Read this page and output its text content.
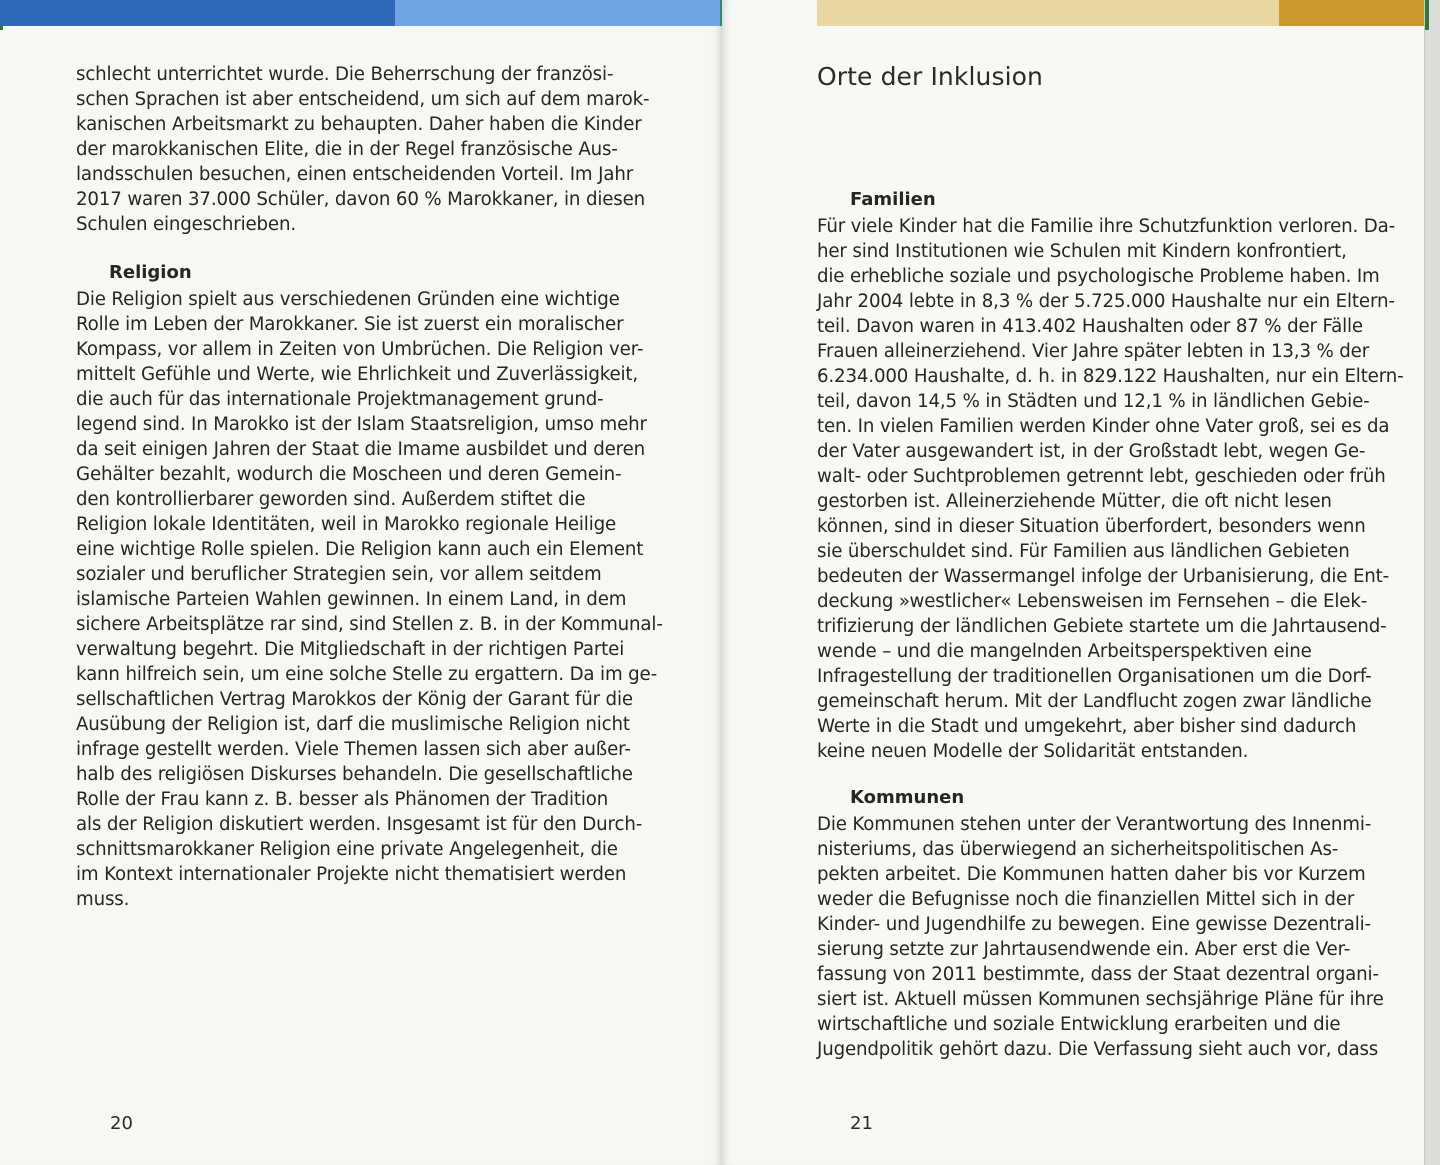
schlecht unterrichtet wurde. Die Beherrschung der französi-
schen Sprachen ist aber entscheidend, um sich auf dem marok-
kanischen Arbeitsmarkt zu behaupten. Daher haben die Kinder
der marokkanischen Elite, die in der Regel französische Aus-
landsschulen besuchen, einen entscheidenden Vorteil. Im Jahr
2017 waren 37.000 Schüler, davon 60 % Marokkaner, in diesen
Schulen eingeschrieben.
Religion
Die Religion spielt aus verschiedenen Gründen eine wichtige
Rolle im Leben der Marokkaner. Sie ist zuerst ein moralischer
Kompass, vor allem in Zeiten von Umbrüchen. Die Religion ver-
mittelt Gefühle und Werte, wie Ehrlichkeit und Zuverlässigkeit,
die auch für das internationale Projektmanagement grund-
legend sind. In Marokko ist der Islam Staatsreligion, umso mehr
da seit einigen Jahren der Staat die Imame ausbildet und deren
Gehälter bezahlt, wodurch die Moscheen und deren Gemein-
den kontrollierbarer geworden sind. Außerdem stiftet die
Religion lokale Identitäten, weil in Marokko regionale Heilige
eine wichtige Rolle spielen. Die Religion kann auch ein Element
sozialer und beruflicher Strategien sein, vor allem seitdem
islamische Parteien Wahlen gewinnen. In einem Land, in dem
sichere Arbeitsplätze rar sind, sind Stellen z. B. in der Kommunal-
verwaltung begehrt. Die Mitgliedschaft in der richtigen Partei
kann hilfreich sein, um eine solche Stelle zu ergattern. Da im ge-
sellschaftlichen Vertrag Marokkos der König der Garant für die
Ausübung der Religion ist, darf die muslimische Religion nicht
infrage gestellt werden. Viele Themen lassen sich aber außer-
halb des religiösen Diskurses behandeln. Die gesellschaftliche
Rolle der Frau kann z. B. besser als Phänomen der Tradition
als der Religion diskutiert werden. Insgesamt ist für den Durch-
schnittsmarokkaner Religion eine private Angelegenheit, die
im Kontext internationaler Projekte nicht thematisiert werden
muss.
20
Orte der Inklusion
Familien
Für viele Kinder hat die Familie ihre Schutzfunktion verloren. Da-
her sind Institutionen wie Schulen mit Kindern konfrontiert,
die erhebliche soziale und psychologische Probleme haben. Im
Jahr 2004 lebte in 8,3 % der 5.725.000 Haushalte nur ein Eltern-
teil. Davon waren in 413.402 Haushalten oder 87 % der Fälle
Frauen alleinerziehend. Vier Jahre später lebten in 13,3 % der
6.234.000 Haushalte, d. h. in 829.122 Haushalten, nur ein Eltern-
teil, davon 14,5 % in Städten und 12,1 % in ländlichen Gebie-
ten. In vielen Familien werden Kinder ohne Vater groß, sei es da
der Vater ausgewandert ist, in der Großstadt lebt, wegen Ge-
walt- oder Suchtproblemen getrennt lebt, geschieden oder früh
gestorben ist. Alleinerziehende Mütter, die oft nicht lesen
können, sind in dieser Situation überfordert, besonders wenn
sie überschuldet sind. Für Familien aus ländlichen Gebieten
bedeuten der Wassermangel infolge der Urbanisierung, die Ent-
deckung »westlicher« Lebensweisen im Fernsehen – die Elek-
trifizierung der ländlichen Gebiete startete um die Jahrtausend-
wende – und die mangelnden Arbeitsperspektiven eine
Infragestellung der traditionellen Organisationen um die Dorf-
gemeinschaft herum. Mit der Landflucht zogen zwar ländliche
Werte in die Stadt und umgekehrt, aber bisher sind dadurch
keine neuen Modelle der Solidarität entstanden.
Kommunen
Die Kommunen stehen unter der Verantwortung des Innenmi-
nisteriums, das überwiegend an sicherheitspolitischen As-
pekten arbeitet. Die Kommunen hatten daher bis vor Kurzem
weder die Befugnisse noch die finanziellen Mittel sich in der
Kinder- und Jugendhilfe zu bewegen. Eine gewisse Dezentrali-
sierung setzte zur Jahrtausendwende ein. Aber erst die Ver-
fassung von 2011 bestimmte, dass der Staat dezentral organi-
siert ist. Aktuell müssen Kommunen sechsjährige Pläne für ihre
wirtschaftliche und soziale Entwicklung erarbeiten und die
Jugendpolitik gehört dazu. Die Verfassung sieht auch vor, dass
21
